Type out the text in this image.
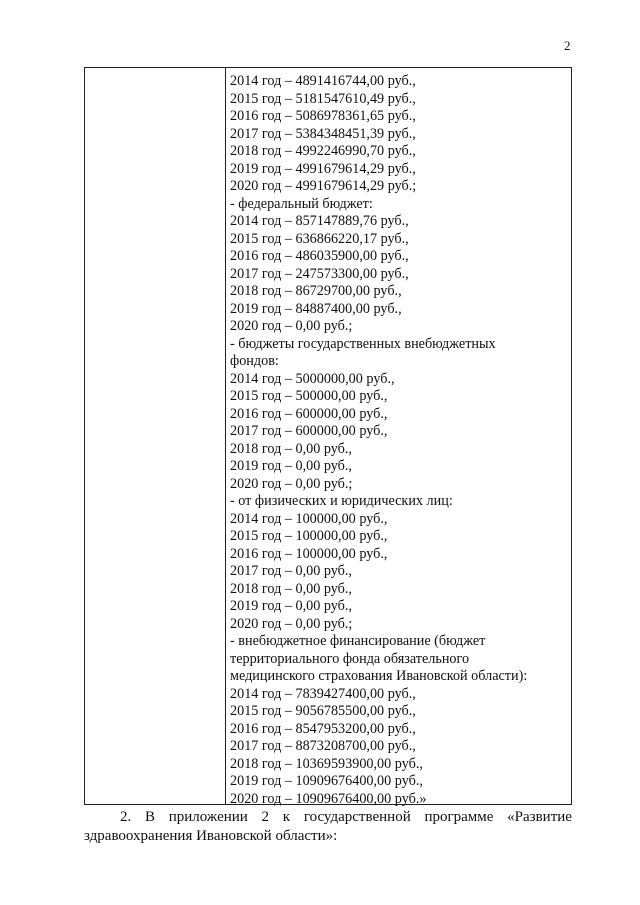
2
2014 год – 4891416744,00 руб.,
2015 год – 5181547610,49 руб.,
2016 год – 5086978361,65 руб.,
2017 год – 5384348451,39 руб.,
2018 год – 4992246990,70 руб.,
2019 год – 4991679614,29 руб.,
2020 год – 4991679614,29 руб.;
- федеральный бюджет:
2014 год – 857147889,76 руб.,
2015 год – 636866220,17 руб.,
2016 год – 486035900,00 руб.,
2017 год – 247573300,00 руб.,
2018 год – 86729700,00 руб.,
2019 год – 84887400,00 руб.,
2020 год – 0,00 руб.;
- бюджеты государственных внебюджетных
фондов:
2014 год – 5000000,00 руб.,
2015 год – 500000,00 руб.,
2016 год – 600000,00 руб.,
2017 год – 600000,00 руб.,
2018 год – 0,00 руб.,
2019 год – 0,00 руб.,
2020 год – 0,00 руб.;
- от физических и юридических лиц:
2014 год – 100000,00 руб.,
2015 год – 100000,00 руб.,
2016 год – 100000,00 руб.,
2017 год – 0,00 руб.,
2018 год – 0,00 руб.,
2019 год – 0,00 руб.,
2020 год – 0,00 руб.;
- внебюджетное финансирование (бюджет
территориального фонда обязательного
медицинского страхования Ивановской области):
2014 год – 7839427400,00 руб.,
2015 год – 9056785500,00 руб.,
2016 год – 8547953200,00 руб.,
2017 год – 8873208700,00 руб.,
2018 год – 10369593900,00 руб.,
2019 год – 10909676400,00 руб.,
2020 год – 10909676400,00 руб.»
2. В приложении 2 к государственной программе «Развитие
здравоохранения Ивановской области»:
